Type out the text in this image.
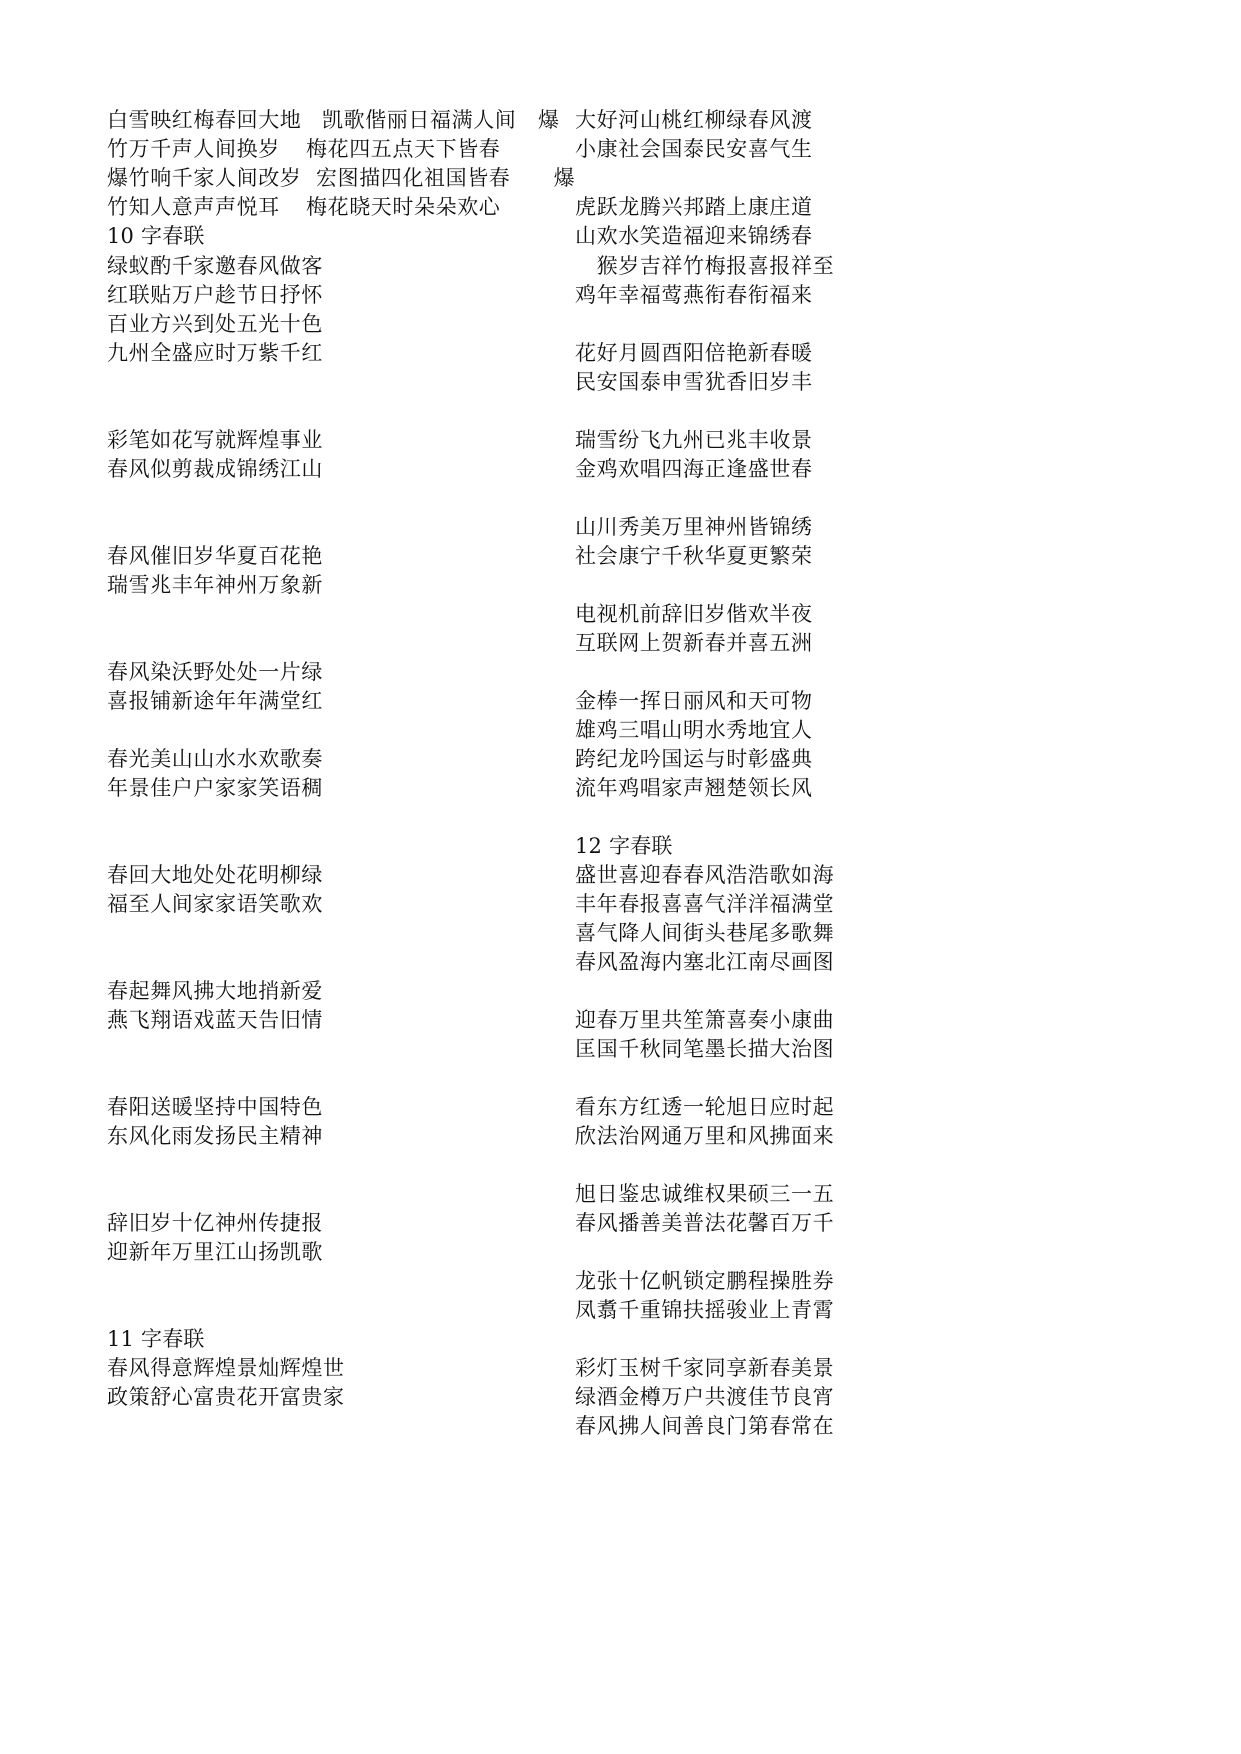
白雪映红梅春回大地
竹万千声人间换岁
爆竹响千家人间改岁
竹知人意声声悦耳
凯歌偕丽日福满人间　爆
梅花四五点天下皆春
宏图描四化祖国皆春　　爆
梅花晓天时朵朵欢心
10 字春联
绿蚁酌千家邀春风做客
红联贴万户趁节日抒怀
百业方兴到处五光十色
九州全盛应时万紫千红
彩笔如花写就辉煌事业
春风似剪裁成锦绣江山
春风催旧岁华夏百花艳
瑞雪兆丰年神州万象新
春风染沃野处处一片绿
喜报铺新途年年满堂红
春光美山山水水欢歌奏
年景佳户户家家笑语稠
春回大地处处花明柳绿
福至人间家家语笑歌欢
春起舞风拂大地捎新爱
燕飞翔语戏蓝天告旧情
春阳送暖坚持中国特色
东风化雨发扬民主精神
辞旧岁十亿神州传捷报
迎新年万里江山扬凯歌
11 字春联
春风得意辉煌景灿辉煌世
政策舒心富贵花开富贵家
大好河山桃红柳绿春风渡
小康社会国泰民安喜气生
虎跃龙腾兴邦踏上康庄道
山欢水笑造福迎来锦绣春
　猴岁吉祥竹梅报喜报祥至
鸡年幸福莺燕衔春衔福来
花好月圆酉阳倍艳新春暖
民安国泰申雪犹香旧岁丰
瑞雪纷飞九州已兆丰收景
金鸡欢唱四海正逢盛世春
山川秀美万里神州皆锦绣
社会康宁千秋华夏更繁荣
电视机前辞旧岁偕欢半夜
互联网上贺新春并喜五洲
金棒一挥日丽风和天可物
雄鸡三唱山明水秀地宜人
跨纪龙吟国运与时彰盛典
流年鸡唱家声翘楚领长风
12 字春联
盛世喜迎春春风浩浩歌如海
丰年春报喜喜气洋洋福满堂
喜气降人间街头巷尾多歌舞
春风盈海内塞北江南尽画图
迎春万里共笙箫喜奏小康曲
匡国千秋同笔墨长描大治图
看东方红透一轮旭日应时起
欣法治网通万里和风拂面来
旭日鉴忠诚维权果硕三一五
春风播善美普法花馨百万千
龙张十亿帆锁定鹏程操胜券
凤翥千重锦扶摇骏业上青霄
彩灯玉树千家同享新春美景
绿酒金樽万户共渡佳节良宵
春风拂人间善良门第春常在
